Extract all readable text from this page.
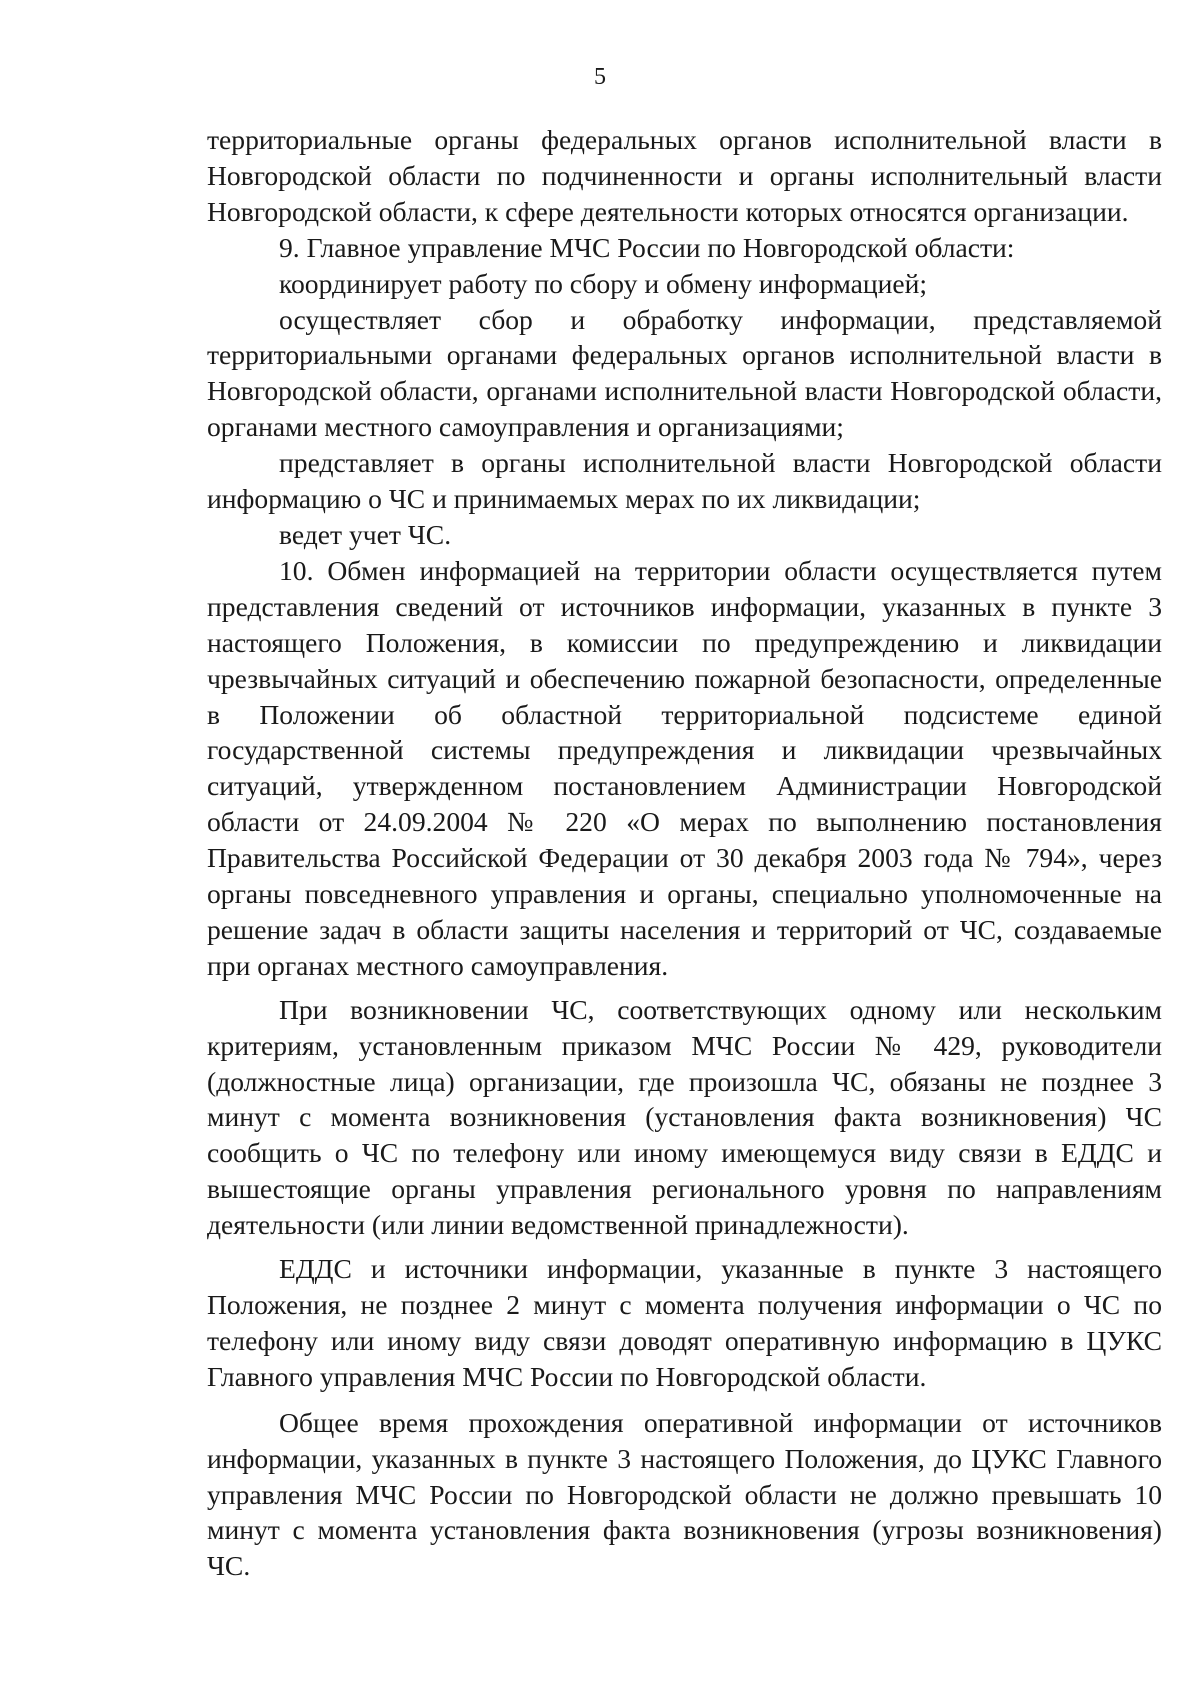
5

территориальные органы федеральных органов исполнительной власти в Новгородской области по подчиненности и органы исполнительный власти Новгородской области, к сфере деятельности которых относятся организации.

9. Главное управление МЧС России по Новгородской области:

координирует работу по сбору и обмену информацией;

осуществляет сбор и обработку информации, представляемой территориальными органами федеральных органов исполнительной власти в Новгородской области, органами исполнительной власти Новгородской области, органами местного самоуправления и организациями;

представляет в органы исполнительной власти Новгородской области информацию о ЧС и принимаемых мерах по их ликвидации;

ведет учет ЧС.

10. Обмен информацией на территории области осуществляется путем представления сведений от источников информации, указанных в пункте 3 настоящего Положения, в комиссии по предупреждению и ликвидации чрезвычайных ситуаций и обеспечению пожарной безопасности, определенные в Положении об областной территориальной подсистеме единой государственной системы предупреждения и ликвидации чрезвычайных ситуаций, утвержденном постановлением Администрации Новгородской области от 24.09.2004 № 220 «О мерах по выполнению постановления Правительства Российской Федерации от 30 декабря 2003 года № 794», через органы повседневного управления и органы, специально уполномоченные на решение задач в области защиты населения и территорий от ЧС, создаваемые при органах местного самоуправления.

При возникновении ЧС, соответствующих одному или нескольким критериям, установленным приказом МЧС России № 429, руководители (должностные лица) организации, где произошла ЧС, обязаны не позднее 3 минут с момента возникновения (установления факта возникновения) ЧС сообщить о ЧС по телефону или иному имеющемуся виду связи в ЕДДС и вышестоящие органы управления регионального уровня по направлениям деятельности (или линии ведомственной принадлежности).

ЕДДС и источники информации, указанные в пункте 3 настоящего Положения, не позднее 2 минут с момента получения информации о ЧС по телефону или иному виду связи доводят оперативную информацию в ЦУКС Главного управления МЧС России по Новгородской области.

Общее время прохождения оперативной информации от источников информации, указанных в пункте 3 настоящего Положения, до ЦУКС Главного управления МЧС России по Новгородской области не должно превышать 10 минут с момента установления факта возникновения (угрозы возникновения) ЧС.
